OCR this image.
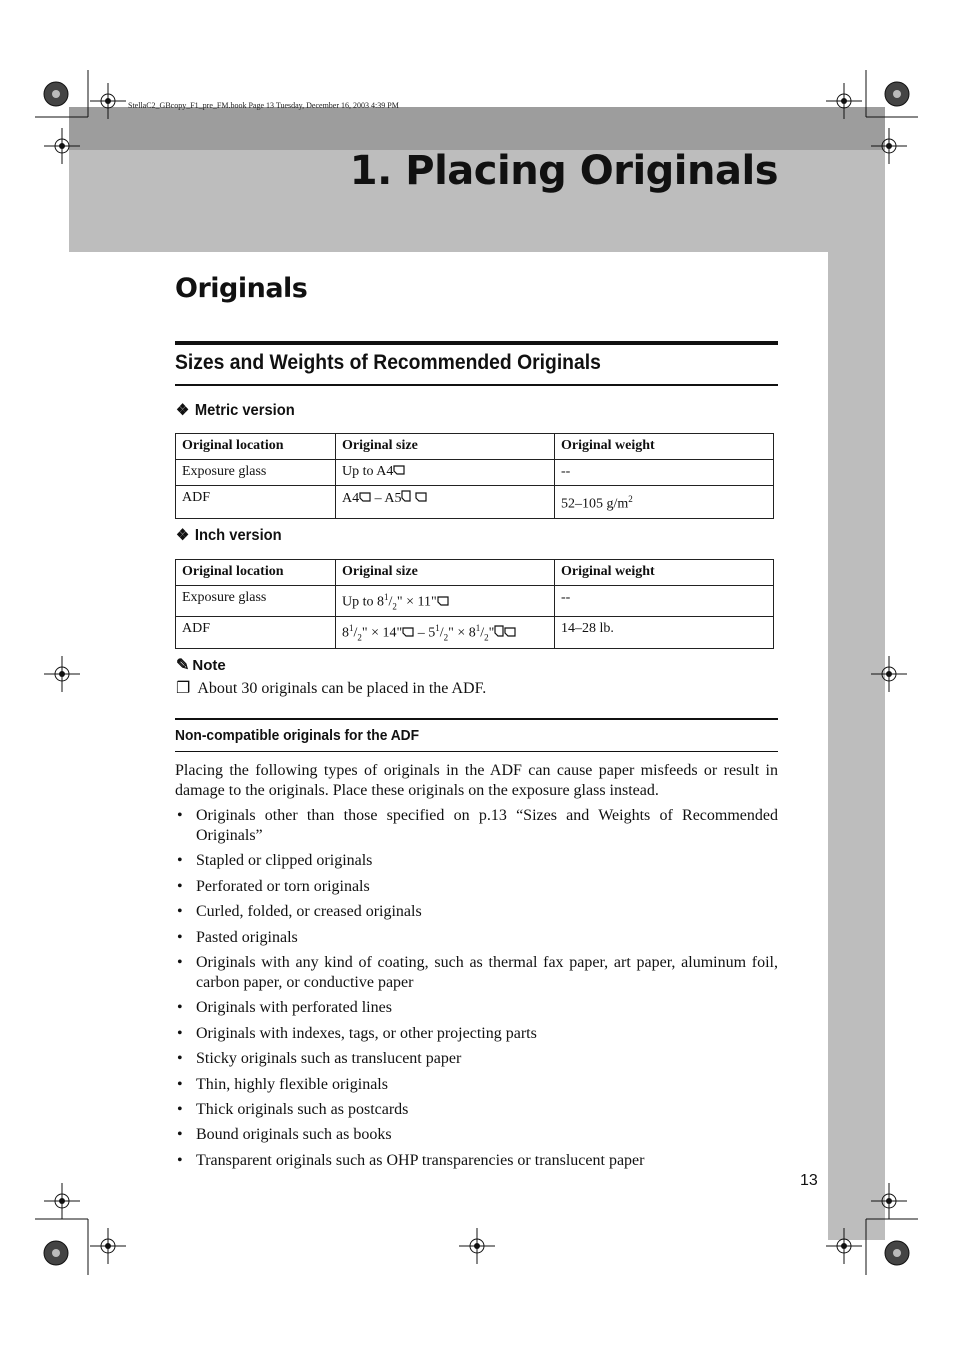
StellaC2_GBcopy_F1_pre_FM.book Page 13 Tuesday, December 16, 2003 4:39 PM
1. Placing Originals
Originals
Sizes and Weights of Recommended Originals
❖ Metric version
Original location	Original size	Original weight
Exposure glass	Up to A4	--
ADF	A4 – A5	52–105 $g/m^2$
❖ Inch version
Original location	Original size	Original weight
Exposure glass	Up to $8^1/_2$" × 11"	--
ADF	$8^1/_2$" × 14" – $5^1/_2$" × $8^1/_2$"	14–28 lb.
✎ Note
❐ About 30 originals can be placed in the ADF.
Non-compatible originals for the ADF

Placing the following types of originals in the ADF can cause paper misfeeds or result in damage to the originals. Place these originals on the exposure glass instead.

• Originals other than those specified on p.13 “Sizes and Weights of Recommended Originals”
• Stapled or clipped originals
• Perforated or torn originals
• Curled, folded, or creased originals
• Pasted originals
• Originals with any kind of coating, such as thermal fax paper, art paper, aluminum foil, carbon paper, or conductive paper
• Originals with perforated lines
• Originals with indexes, tags, or other projecting parts
• Sticky originals such as translucent paper
• Thin, highly flexible originals
• Thick originals such as postcards
• Bound originals such as books
• Transparent originals such as OHP transparencies or translucent paper
13
